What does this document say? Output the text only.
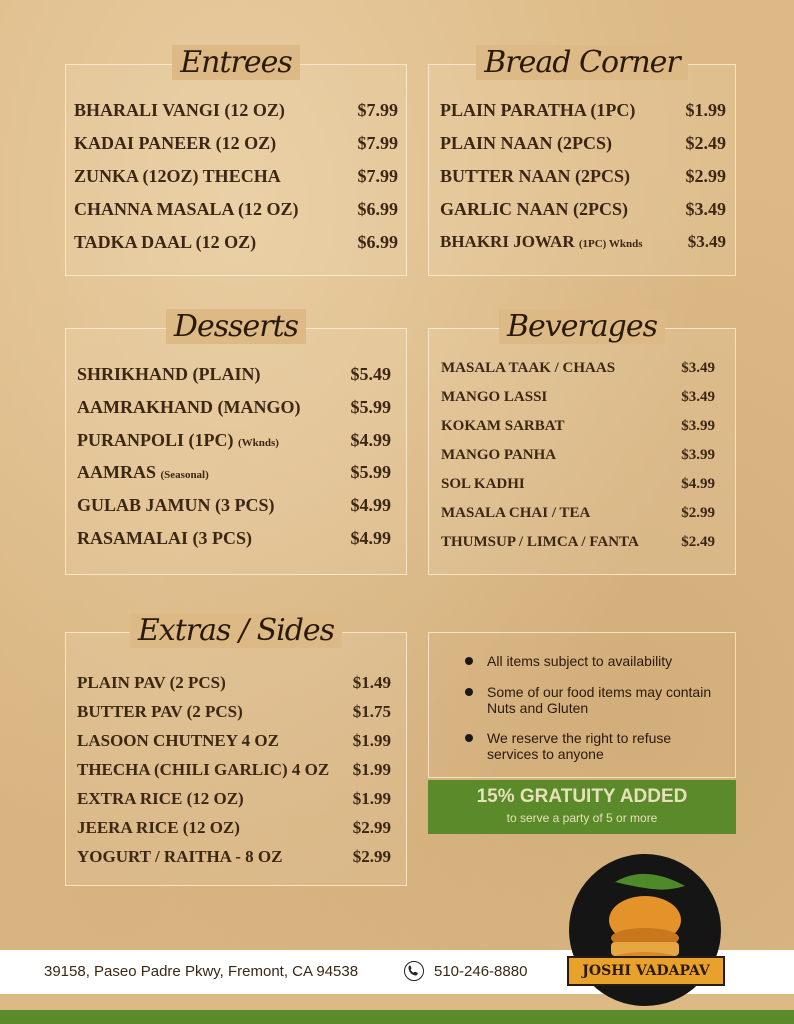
Entrees
BHARALI VANGI (12 OZ)	$7.99
KADAI PANEER (12 OZ)	$7.99
ZUNKA (12OZ) THECHA	$7.99
CHANNA MASALA (12 OZ)	$6.99
TADKA DAAL (12 OZ)	$6.99
Bread Corner
PLAIN PARATHA (1PC)	$1.99
PLAIN NAAN (2PCS)	$2.49
BUTTER NAAN (2PCS)	$2.99
GARLIC NAAN (2PCS)	$3.49
BHAKRI JOWAR (1PC) Wknds	$3.49
Desserts
SHRIKHAND (PLAIN)	$5.49
AAMRAKHAND (MANGO)	$5.99
PURANPOLI (1PC) (Wknds)	$4.99
AAMRAS (Seasonal)	$5.99
GULAB JAMUN (3 PCS)	$4.99
RASAMALAI (3 PCS)	$4.99
Beverages
MASALA TAAK / CHAAS	$3.49
MANGO LASSI	$3.49
KOKAM SARBAT	$3.99
MANGO PANHA	$3.99
SOL KADHI	$4.99
MASALA CHAI / TEA	$2.99
THUMSUP / LIMCA / FANTA	$2.49
Extras / Sides
PLAIN PAV (2 PCS)	$1.49
BUTTER PAV (2 PCS)	$1.75
LASOON CHUTNEY 4 OZ	$1.99
THECHA (CHILI GARLIC) 4 OZ $1.99
EXTRA RICE (12 OZ)	$1.99
JEERA RICE (12 OZ)	$2.99
YOGURT / RAITHA - 8 OZ	$2.99
All items subject to availability
Some of our food items may contain Nuts and Gluten
We reserve the right to refuse services to anyone
15% GRATUITY ADDED
to serve a party of 5 or more
39158, Paseo Padre Pkwy, Fremont, CA 94538	510-246-8880	JOSHI VADAPAV
